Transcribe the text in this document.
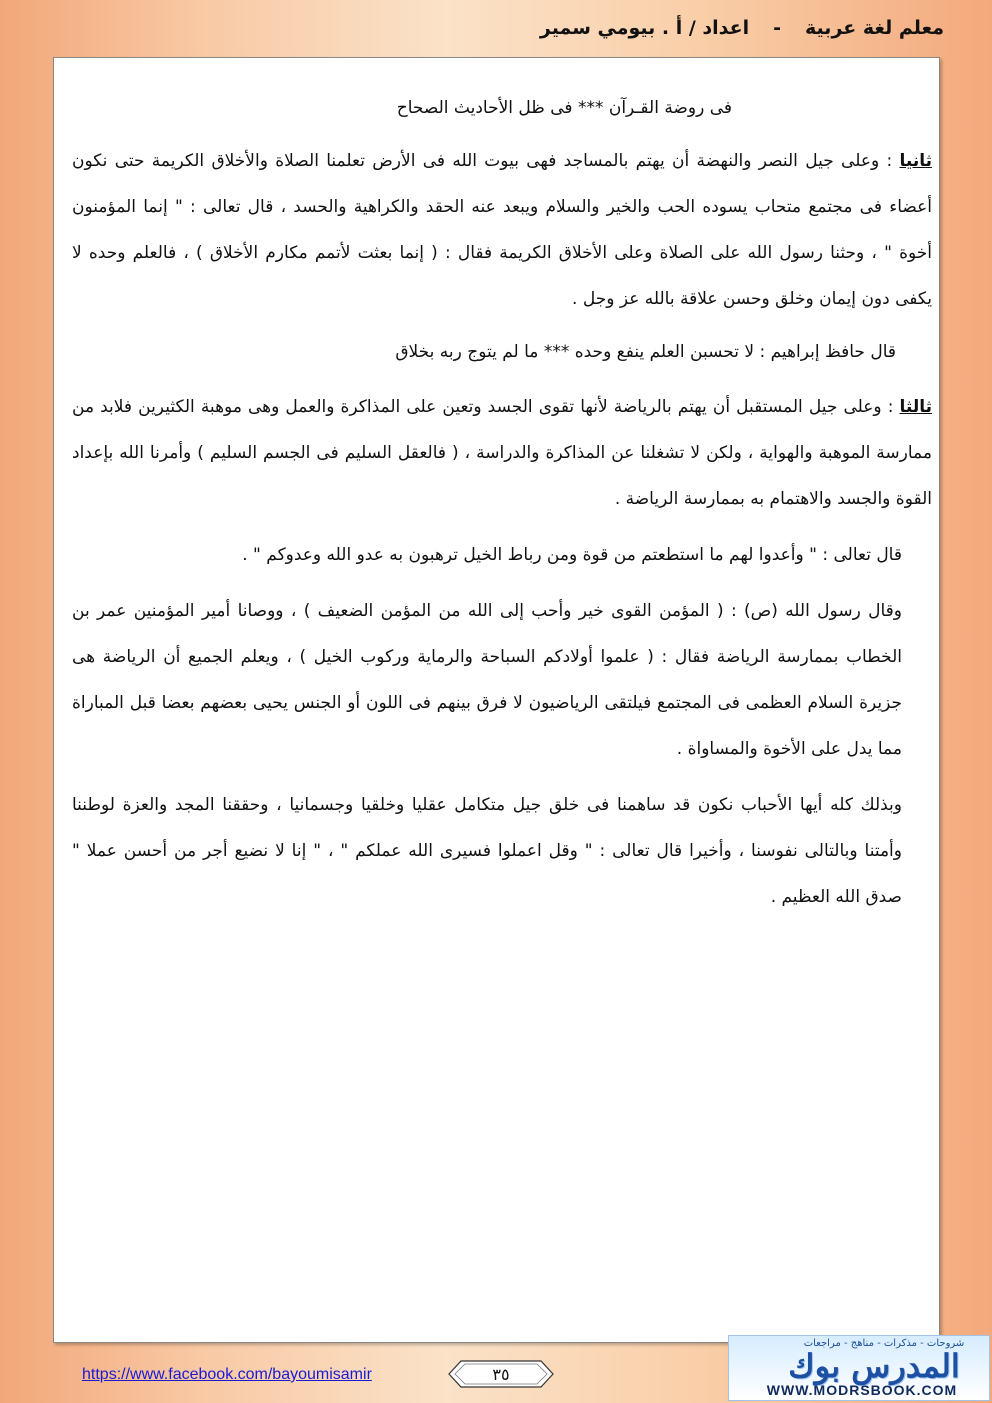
اعداد / أ . بيومي سمير - معلم لغة عربية

فى روضة القـرآن *** فى ظل الأحاديث الصحاح

ثانيا : وعلى جيل النصر والنهضة أن يهتم بالمساجد فهى بيوت الله فى الأرض تعلمنا الصلاة والأخلاق الكريمة حتى نكون أعضاء فى مجتمع متحاب يسوده الحب والخير والسلام ويبعد عنه الحقد والكراهية والحسد ، قال تعالى : " إنما المؤمنون أخوة " ، وحثنا رسول الله على الصلاة وعلى الأخلاق الكريمة فقال : ( إنما بعثت لأتمم مكارم الأخلاق ) ، فالعلم وحده لا يكفى دون إيمان وخلق وحسن علاقة بالله عز وجل .

قال حافظ إبراهيم : لا تحسبن العلم ينفع وحده *** ما لم يتوج ربه بخلاق

ثالثا : وعلى جيل المستقبل أن يهتم بالرياضة لأنها تقوى الجسد وتعين على المذاكرة والعمل وهى موهبة الكثيرين فلابد من ممارسة الموهبة والهواية ، ولكن لا تشغلنا عن المذاكرة والدراسة ، ( فالعقل السليم فى الجسم السليم ) وأمرنا الله بإعداد القوة والجسد والاهتمام به بممارسة الرياضة .

قال تعالى : " وأعدوا لهم ما استطعتم من قوة ومن رباط الخيل ترهبون به عدو الله وعدوكم " .

وقال رسول الله (ص) : ( المؤمن القوى خير وأحب إلى الله من المؤمن الضعيف ) ، ووصانا أمير المؤمنين عمر بن الخطاب بممارسة الرياضة فقال : ( علموا أولادكم السباحة والرماية وركوب الخيل ) ، ويعلم الجميع أن الرياضة هى جزيرة السلام العظمى فى المجتمع فيلتقى الرياضيون لا فرق بينهم فى اللون أو الجنس يحيى بعضهم بعضا قبل المباراة مما يدل على الأخوة والمساواة .

وبذلك كله أيها الأحباب نكون قد ساهمنا فى خلق جيل متكامل عقليا وخلقيا وجسمانيا ، وحققنا المجد والعزة لوطننا وأمتنا وبالتالى نفوسنا ، وأخيرا قال تعالى : " وقل اعملوا فسيرى الله عملكم " ، " إنا لا نضيع أجر من أحسن عملا " صدق الله العظيم .

https://www.facebook.com/bayoumisamir	٣٥
شروحات - مذكرات - مناهج - مراجعات
المدرس بوك
WWW.MODRSBOOK.COM
